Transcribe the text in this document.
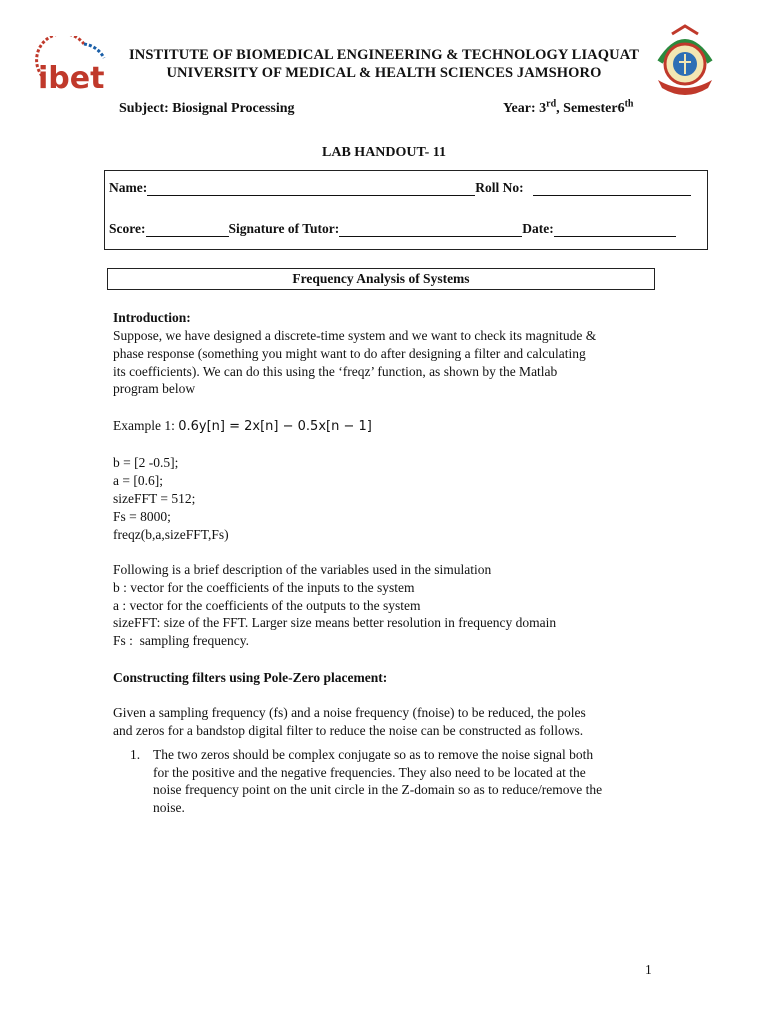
ibet
INSTITUTE OF BIOMEDICAL ENGINEERING & TECHNOLOGY LIAQUAT
UNIVERSITY OF MEDICAL & HEALTH SCIENCES JAMSHORO
Subject: Biosignal Processing	Year: 3rd, Semester6th
LAB HANDOUT- 11
Name:	Roll No:
Score:	Signature of Tutor:	Date:
Frequency Analysis of Systems
Introduction:
Suppose, we have designed a discrete-time system and we want to check its magnitude &
phase response (something you might want to do after designing a filter and calculating
its coefficients). We can do this using the ‘freqz’ function, as shown by the Matlab
program below
Example 1: 0.6y[n] = 2x[n] − 0.5x[n − 1]
b = [2 -0.5];
a = [0.6];
sizeFFT = 512;
Fs = 8000;
freqz(b,a,sizeFFT,Fs)
Following is a brief description of the variables used in the simulation
b : vector for the coefficients of the inputs to the system
a : vector for the coefficients of the outputs to the system
sizeFFT: size of the FFT. Larger size means better resolution in frequency domain
Fs :  sampling frequency.
Constructing filters using Pole-Zero placement:
Given a sampling frequency (fs) and a noise frequency (fnoise) to be reduced, the poles
and zeros for a bandstop digital filter to reduce the noise can be constructed as follows.
1. The two zeros should be complex conjugate so as to remove the noise signal both
for the positive and the negative frequencies. They also need to be located at the
noise frequency point on the unit circle in the Z-domain so as to reduce/remove the
noise.
1
